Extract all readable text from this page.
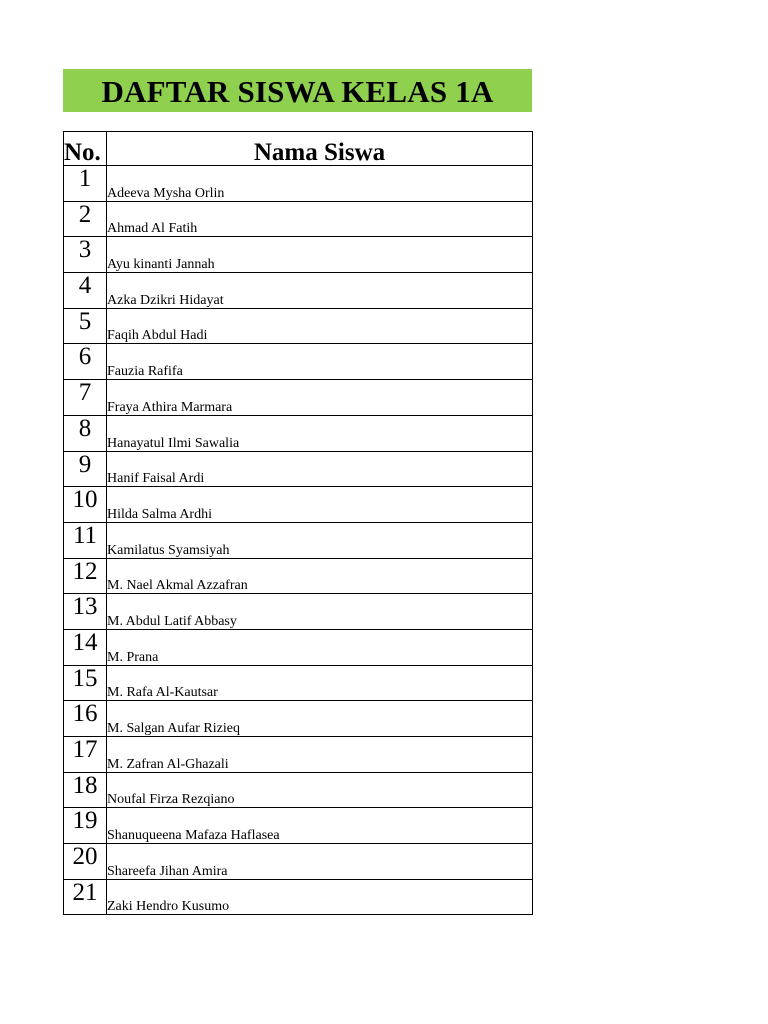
DAFTAR SISWA KELAS 1A
No.	Nama Siswa
1	Adeeva Mysha Orlin
2	Ahmad Al Fatih
3	Ayu kinanti Jannah
4	Azka Dzikri Hidayat
5	Faqih Abdul Hadi
6	Fauzia Rafifa
7	Fraya Athira Marmara
8	Hanayatul Ilmi Sawalia
9	Hanif Faisal Ardi
10	Hilda Salma Ardhi
11	Kamilatus Syamsiyah
12	M. Nael Akmal Azzafran
13	M. Abdul Latif Abbasy
14	M. Prana
15	M. Rafa Al-Kautsar
16	M. Salgan Aufar Rizieq
17	M. Zafran Al-Ghazali
18	Noufal Firza Rezqiano
19	Shanuqueena Mafaza Haflasea
20	Shareefa Jihan Amira
21	Zaki Hendro Kusumo
